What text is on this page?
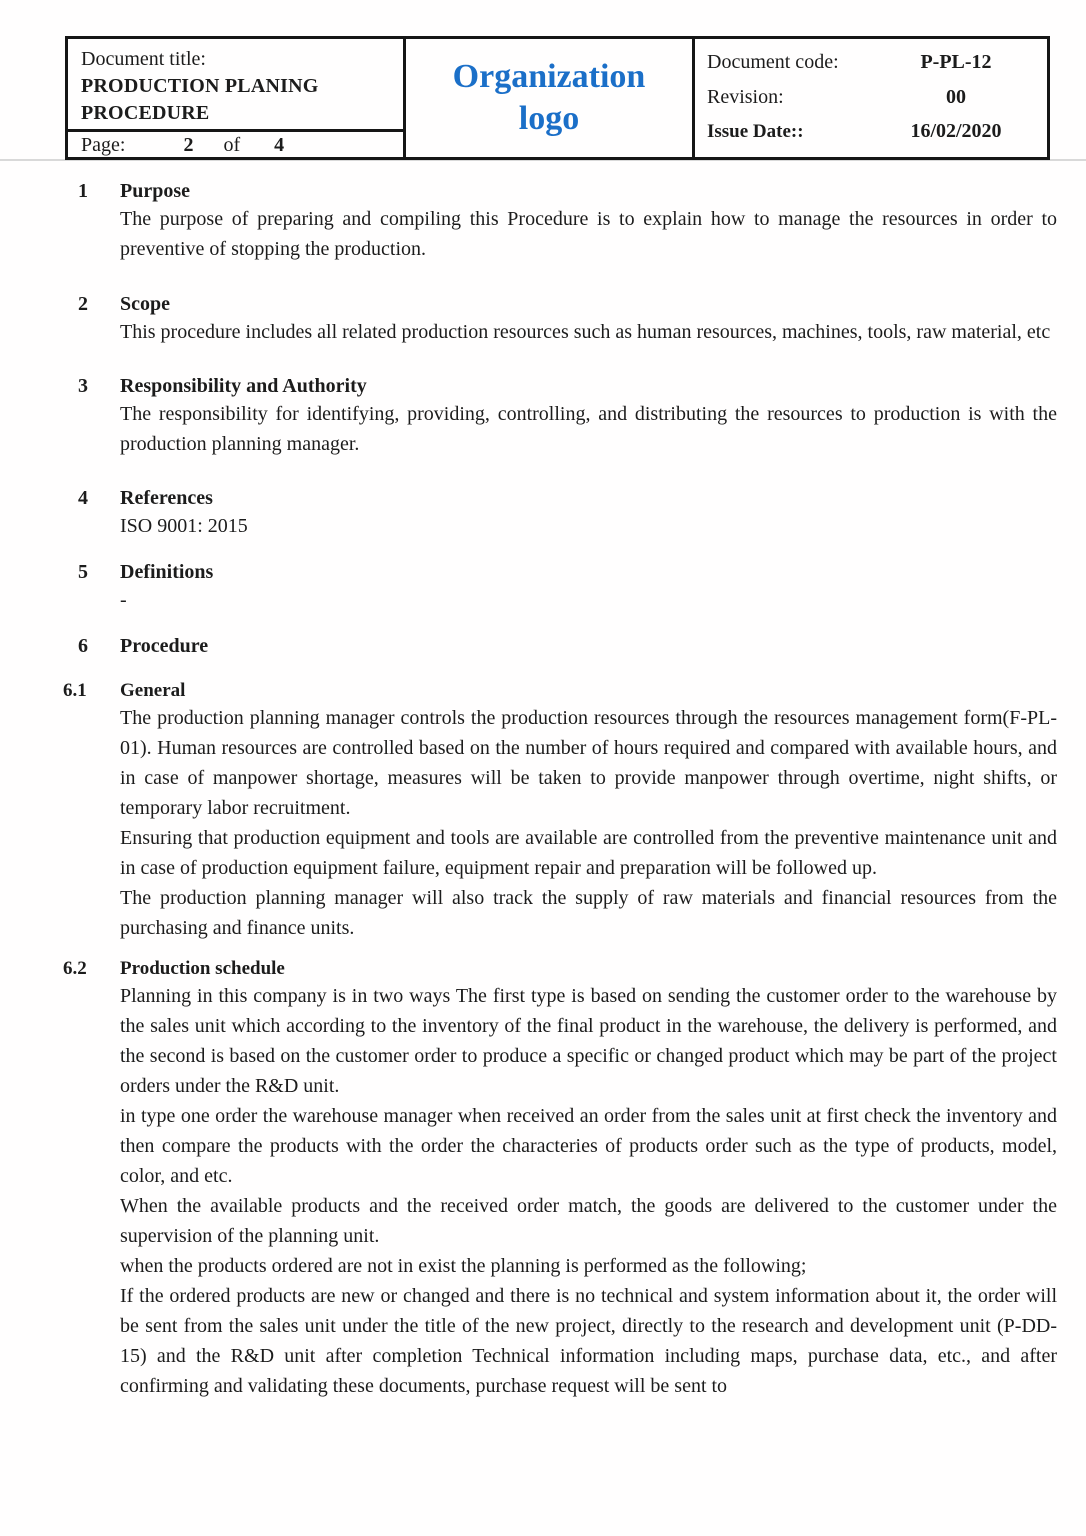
Document title:
PRODUCTION PLANING PROCEDURE
Page:	2 of 4
Organization
logo
Document code:	P-PL-12
Revision:	00
Issue Date::	16/02/2020
1	Purpose

The purpose of preparing and compiling this Procedure is to explain how to manage the resources in order to preventive of stopping the production.

2	Scope

This procedure includes all related production resources such as human resources, machines, tools, raw material, etc

3	Responsibility and Authority

The responsibility for identifying, providing, controlling, and distributing the resources to production is with the production planning manager.

4	References

ISO 9001: 2015

5	Definitions

-

6	Procedure
6.1	General

The production planning manager controls the production resources through the resources management form(F-PL-01). Human resources are controlled based on the number of hours required and compared with available hours, and in case of manpower shortage, measures will be taken to provide manpower through overtime, night shifts, or temporary labor recruitment.

Ensuring that production equipment and tools are available are controlled from the preventive maintenance unit and in case of production equipment failure, equipment repair and preparation will be followed up.

The production planning manager will also track the supply of raw materials and financial resources from the purchasing and finance units.

6.2	Production schedule

Planning in this company is in two ways The first type is based on sending the customer order to the warehouse by the sales unit which according to the inventory of the final product in the warehouse, the delivery is performed, and the second is based on the customer order to produce a specific or changed product which may be part of the project orders under the R&D unit.

in type one order the warehouse manager when received an order from the sales unit at first check the inventory and then compare the products with the order the characteries of products order such as the type of products, model, color, and etc.

When the available products and the received order match, the goods are delivered to the customer under the supervision of the planning unit.

when the products ordered are not in exist the planning is performed as the following;

If the ordered products are new or changed and there is no technical and system information about it, the order will be sent from the sales unit under the title of the new project, directly to the research and development unit (P-DD-15) and the R&D unit after completion Technical information including maps, purchase data, etc., and after confirming and validating these documents, purchase request will be sent to
